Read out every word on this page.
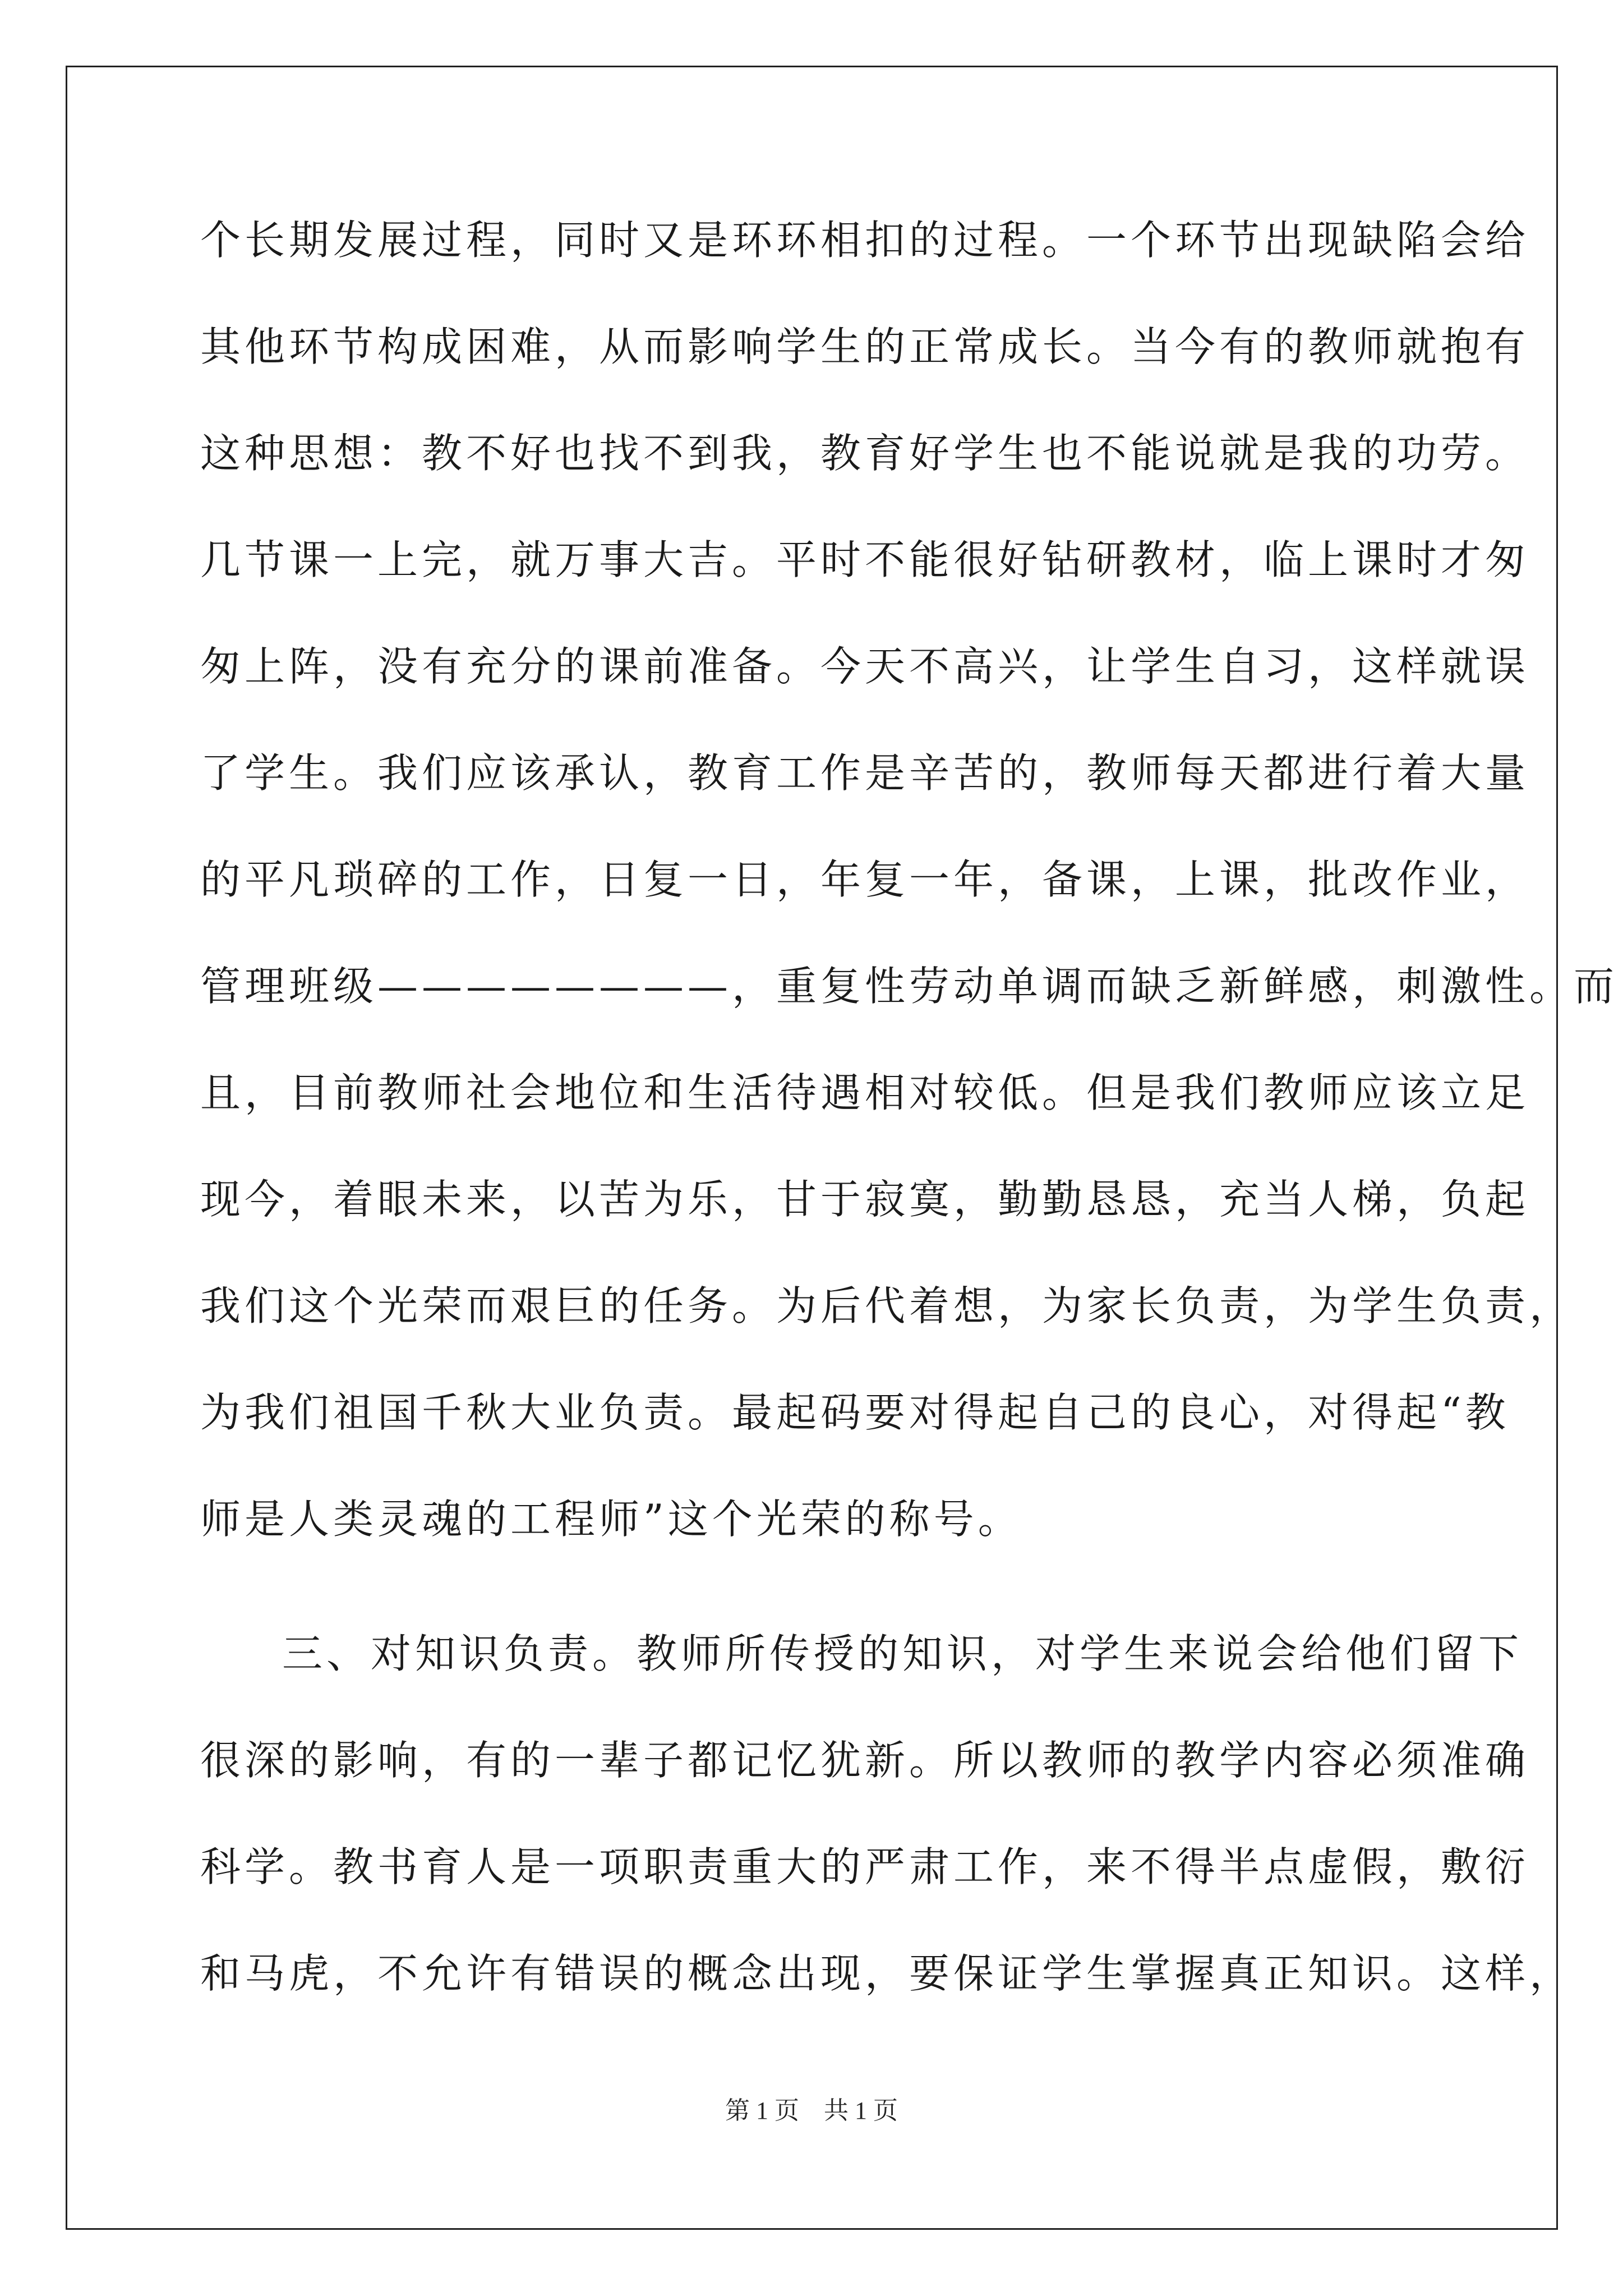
个长期发展过程，同时又是环环相扣的过程。一个环节出现缺陷会给
其他环节构成困难，从而影响学生的正常成长。当今有的教师就抱有
这种思想：教不好也找不到我，教育好学生也不能说就是我的功劳。
几节课一上完，就万事大吉。平时不能很好钻研教材，临上课时才匆
匆上阵，没有充分的课前准备。今天不高兴，让学生自习，这样就误
了学生。我们应该承认，教育工作是辛苦的，教师每天都进行着大量
的平凡琐碎的工作，日复一日，年复一年，备课，上课，批改作业，
管理班级————————，重复性劳动单调而缺乏新鲜感，刺激性。而
且，目前教师社会地位和生活待遇相对较低。但是我们教师应该立足
现今，着眼未来，以苦为乐，甘于寂寞，勤勤恳恳，充当人梯，负起
我们这个光荣而艰巨的任务。为后代着想，为家长负责，为学生负责，
为我们祖国千秋大业负责。最起码要对得起自己的良心，对得起“教
师是人类灵魂的工程师”这个光荣的称号。
三、对知识负责。教师所传授的知识，对学生来说会给他们留下
很深的影响，有的一辈子都记忆犹新。所以教师的教学内容必须准确
科学。教书育人是一项职责重大的严肃工作，来不得半点虚假，敷衍
和马虎，不允许有错误的概念出现，要保证学生掌握真正知识。这样，
第 1 页　共 1 页
